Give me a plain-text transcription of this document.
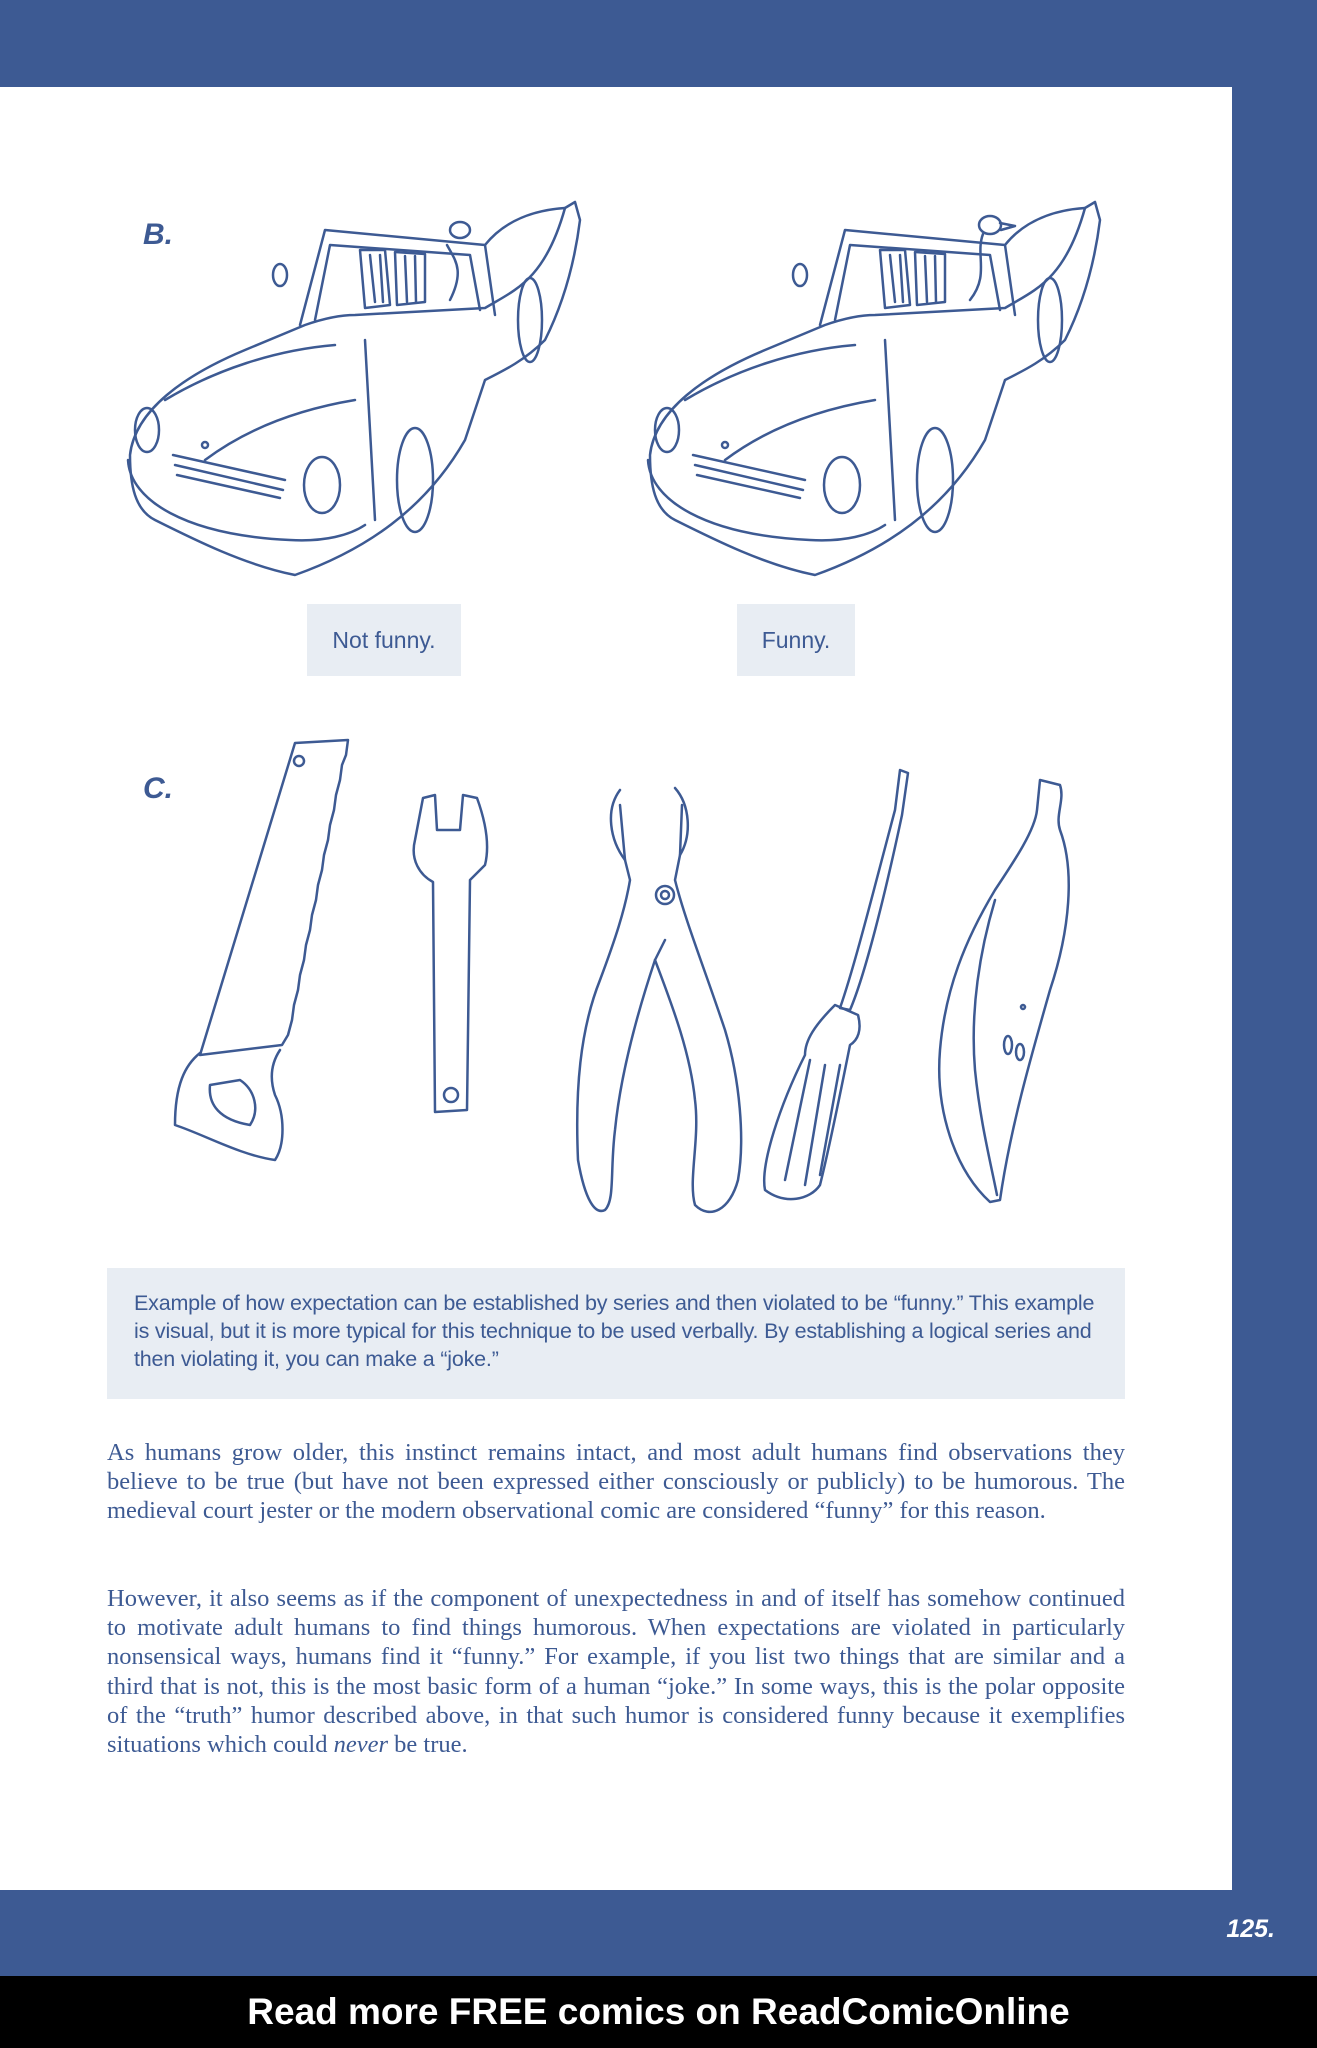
B.
Not funny.	Funny.
C.
Example of how expectation can be established by series and then violated to be “funny.” This example is visual, but it is more typical for this technique to be used verbally. By establishing a logical series and then violating it, you can make a “joke.”

As humans grow older, this instinct remains intact, and most adult humans find observations they believe to be true (but have not been expressed either consciously or publicly) to be humorous. The medieval court jester or the modern observational comic are considered “funny” for this reason.

However, it also seems as if the component of unexpectedness in and of itself has somehow continued to motivate adult humans to find things humorous. When expectations are violated in particularly nonsensical ways, humans find it “funny.” For example, if you list two things that are similar and a third that is not, this is the most basic form of a human “joke.” In some ways, this is the polar opposite of the “truth” humor described above, in that such humor is considered funny because it exemplifies situations which could never be true.

125.
Read more FREE comics on ReadComicOnline
